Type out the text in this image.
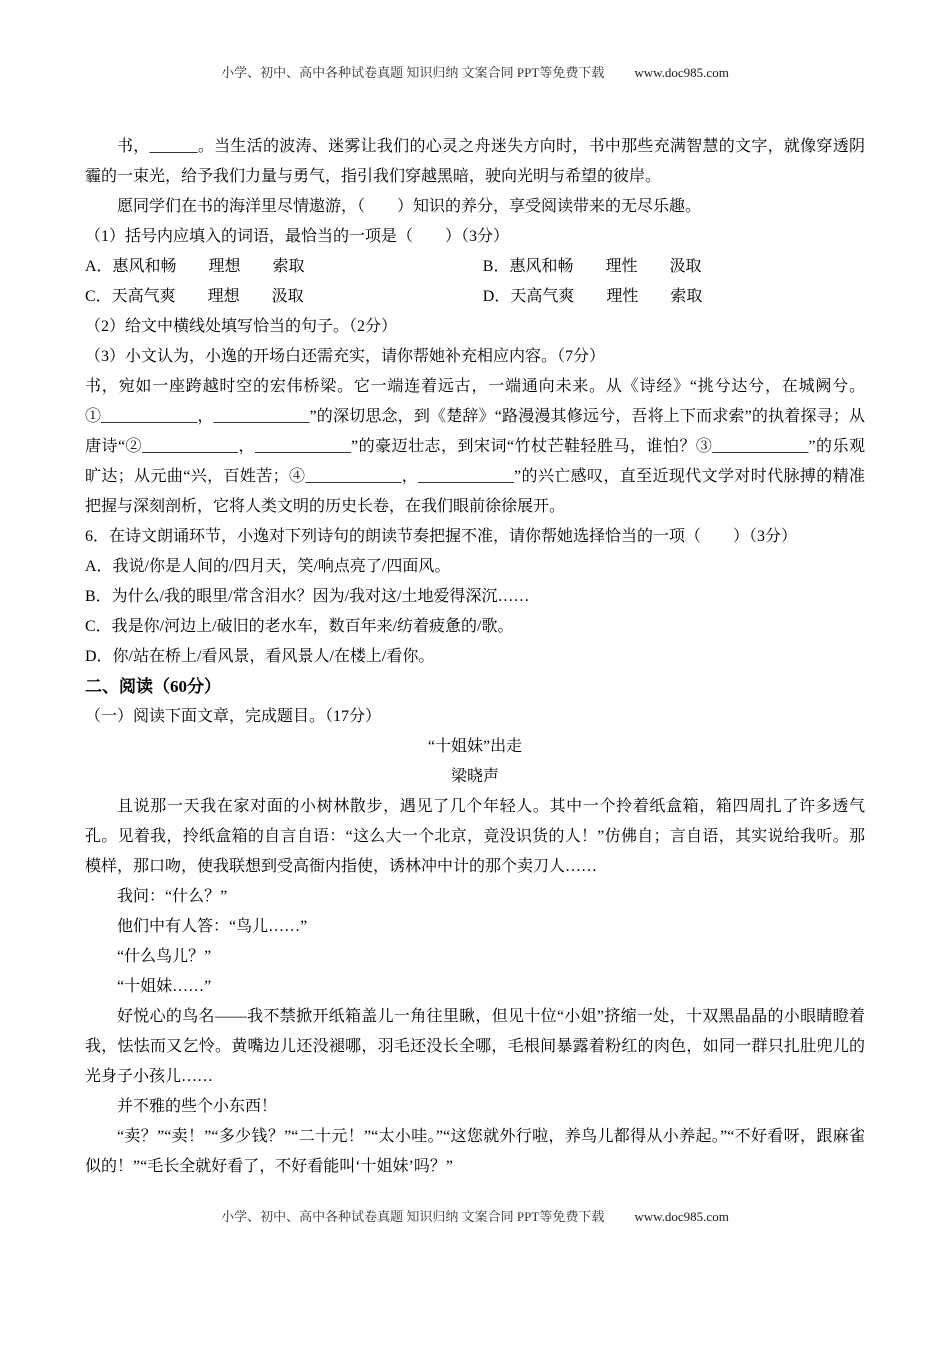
小学、初中、高中各种试卷真题 知识归纳 文案合同 PPT等免费下载 www.doc985.com

书，______。当生活的波涛、迷雾让我们的心灵之舟迷失方向时，书中那些充满智慧的文字，就像穿透阴霾的一束光，给予我们力量与勇气，指引我们穿越黑暗，驶向光明与希望的彼岸。

愿同学们在书的海洋里尽情遨游，（　　）知识的养分，享受阅读带来的无尽乐趣。

（1）括号内应填入的词语，最恰当的一项是（　　）（3分）

A．惠风和畅　　理想　　索取	B．惠风和畅　　理性　　汲取
C．天高气爽　　理想　　汲取	D．天高气爽　　理性　　索取

（2）给文中横线处填写恰当的句子。（2分）

（3）小文认为，小逸的开场白还需充实，请你帮她补充相应内容。（7分）

书，宛如一座跨越时空的宏伟桥梁。它一端连着远古，一端通向未来。从《诗经》“挑兮达兮，在城阙兮。①____________，____________”的深切思念，到《楚辞》“路漫漫其修远兮，吾将上下而求索”的执着探寻；从唐诗“②____________，____________”的豪迈壮志，到宋词“竹杖芒鞋轻胜马，谁怕？③____________”的乐观旷达；从元曲“兴，百姓苦；④____________，____________”的兴亡感叹，直至近现代文学对时代脉搏的精准把握与深刻剖析，它将人类文明的历史长卷，在我们眼前徐徐展开。

6．在诗文朗诵环节，小逸对下列诗句的朗读节奏把握不准，请你帮她选择恰当的一项（　　）（3分）

A．我说/你是人间的/四月天，笑/响点亮了/四面风。

B．为什么/我的眼里/常含泪水？因为/我对这/土地爱得深沉……

C．我是你/河边上/破旧的老水车，数百年来/纺着疲惫的/歌。

D．你/站在桥上/看风景，看风景人/在楼上/看你。

二、阅读（60分）

（一）阅读下面文章，完成题目。（17分）

“十姐妹”出走

梁晓声

且说那一天我在家对面的小树林散步，遇见了几个年轻人。其中一个拎着纸盒箱，箱四周扎了许多透气孔。见着我，拎纸盒箱的自言自语：“这么大一个北京，竟没识货的人！”仿佛自；言自语，其实说给我听。那模样，那口吻，使我联想到受高衙内指使，诱林冲中计的那个卖刀人……

我问：“什么？”

他们中有人答：“鸟儿……”

“什么鸟儿？”

“十姐妹……”

好悦心的鸟名——我不禁掀开纸箱盖儿一角往里瞅，但见十位“小姐”挤缩一处，十双黑晶晶的小眼睛瞪着我，怯怯而又乞怜。黄嘴边儿还没褪哪，羽毛还没长全哪，毛根间暴露着粉红的肉色，如同一群只扎肚兜儿的光身子小孩儿……

并不雅的些个小东西！

“卖？”“卖！”“多少钱？”“二十元！”“太小哇。”“这您就外行啦，养鸟儿都得从小养起。”“不好看呀，跟麻雀似的！”“毛长全就好看了，不好看能叫‘十姐妹’吗？”

小学、初中、高中各种试卷真题 知识归纳 文案合同 PPT等免费下载 www.doc985.com
